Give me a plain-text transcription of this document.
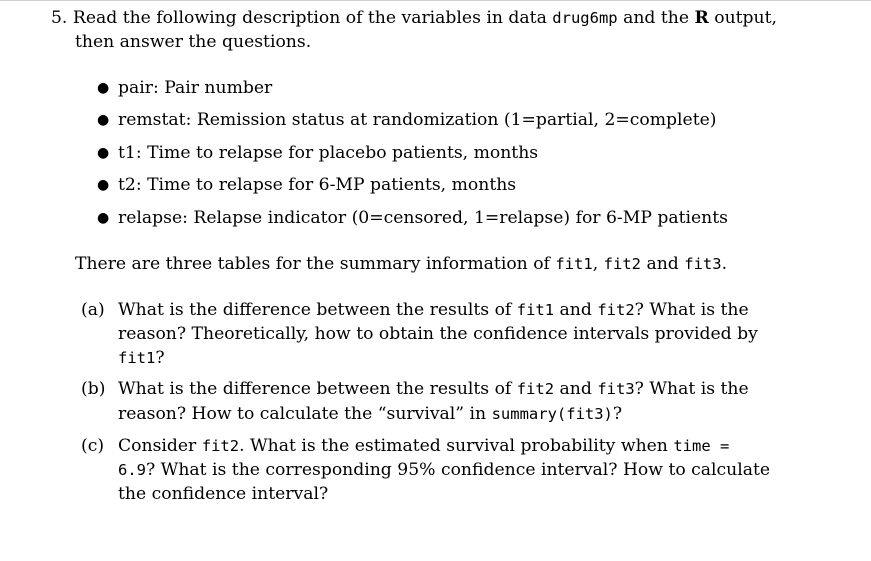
5. Read the following description of the variables in data drug6mp and the R output,
then answer the questions.
● pair: Pair number
● remstat: Remission status at randomization (1=partial, 2=complete)
● t1: Time to relapse for placebo patients, months
● t2: Time to relapse for 6-MP patients, months
● relapse: Relapse indicator (0=censored, 1=relapse) for 6-MP patients
There are three tables for the summary information of fit1, fit2 and fit3.
(a) What is the difference between the results of fit1 and fit2? What is the
reason? Theoretically, how to obtain the confidence intervals provided by
fit1?
(b) What is the difference between the results of fit2 and fit3? What is the
reason? How to calculate the “survival” in summary(fit3)?
(c) Consider fit2. What is the estimated survival probability when time =
6.9? What is the corresponding 95% confidence interval? How to calculate
the confidence interval?
